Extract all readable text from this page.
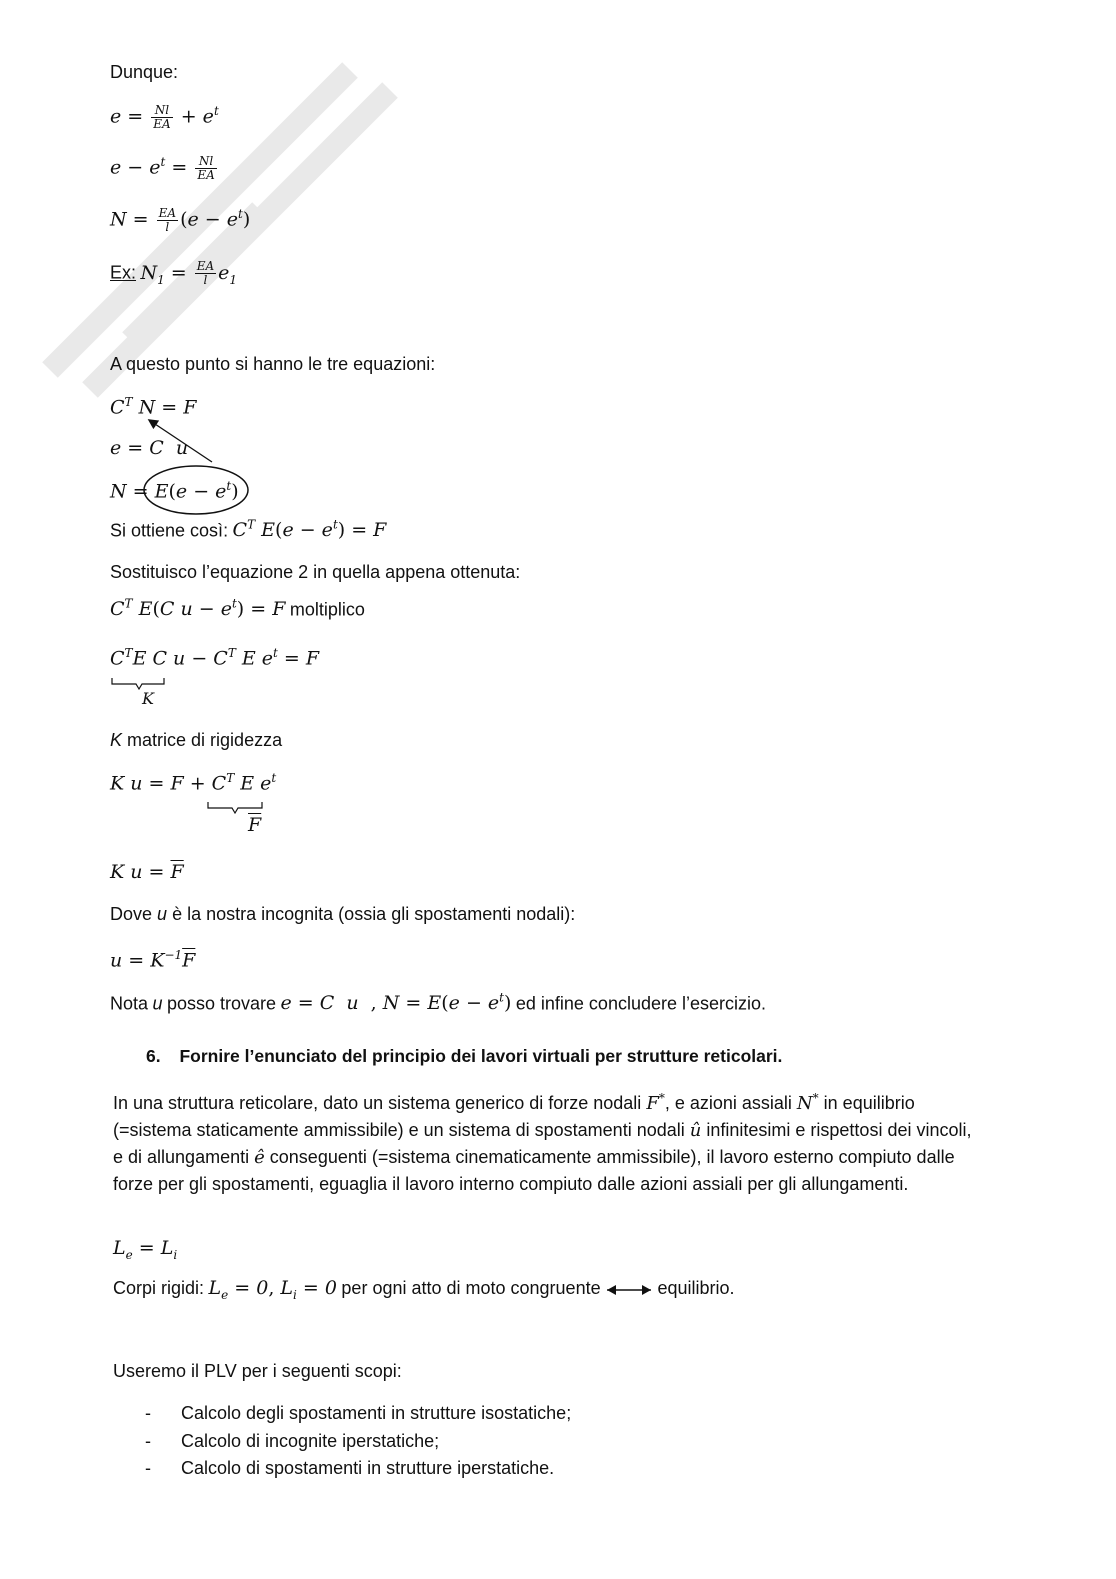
Dunque:
$e = \frac{Nl}{EA} + e^t$
$e - e^t = \frac{Nl}{EA}$
$N = \frac{EA}{l} (e - e^t)$
Ex: $N_1 = \frac{EA}{l} e_1$
A questo punto si hanno le tre equazioni:
$C^T$ N = F
e = C  u
$N = E(e - e^t)$
Si ottiene così: $C^T$ $E(e - e^t) = F$
Sostituisco l’equazione 2 in quella appena ottenuta:
$C^T$ E(C $u - e^t) = F$ moltiplico
$C^TE$ C $u - C^T$ E $e^t = F$
K
K matrice di rigidezza
K $u = F + C^T$ E $e^t$
$\overline{F}$
K $u = \overline{F}$
Dove u è la nostra incognita (ossia gli spostamenti nodali):
$u = K^{-1}\overline{F}$
Nota u posso trovare e = C  u  , $N = E(e - e^t)$ ed infine concludere l’esercizio.
6. Fornire l’enunciato del principio dei lavori virtuali per strutture reticolari.
In una struttura reticolare, dato un sistema generico di forze nodali F*, e azioni assiali N* in equilibrio (=sistema staticamente ammissibile) e un sistema di spostamenti nodali û infinitesimi e rispettosi dei vincoli, e di allungamenti ê conseguenti (=sistema cinematicamente ammissibile), il lavoro esterno compiuto dalle forze per gli spostamenti, eguaglia il lavoro interno compiuto dalle azioni assiali per gli allungamenti.
$L_e = L_i$
Corpi rigidi: $L_e = 0$, $L_i = 0$ per ogni atto di moto congruente	equilibrio.
Useremo il PLV per i seguenti scopi:
-	Calcolo degli spostamenti in strutture isostatiche;
-	Calcolo di incognite iperstatiche;
-	Calcolo di spostamenti in strutture iperstatiche.
